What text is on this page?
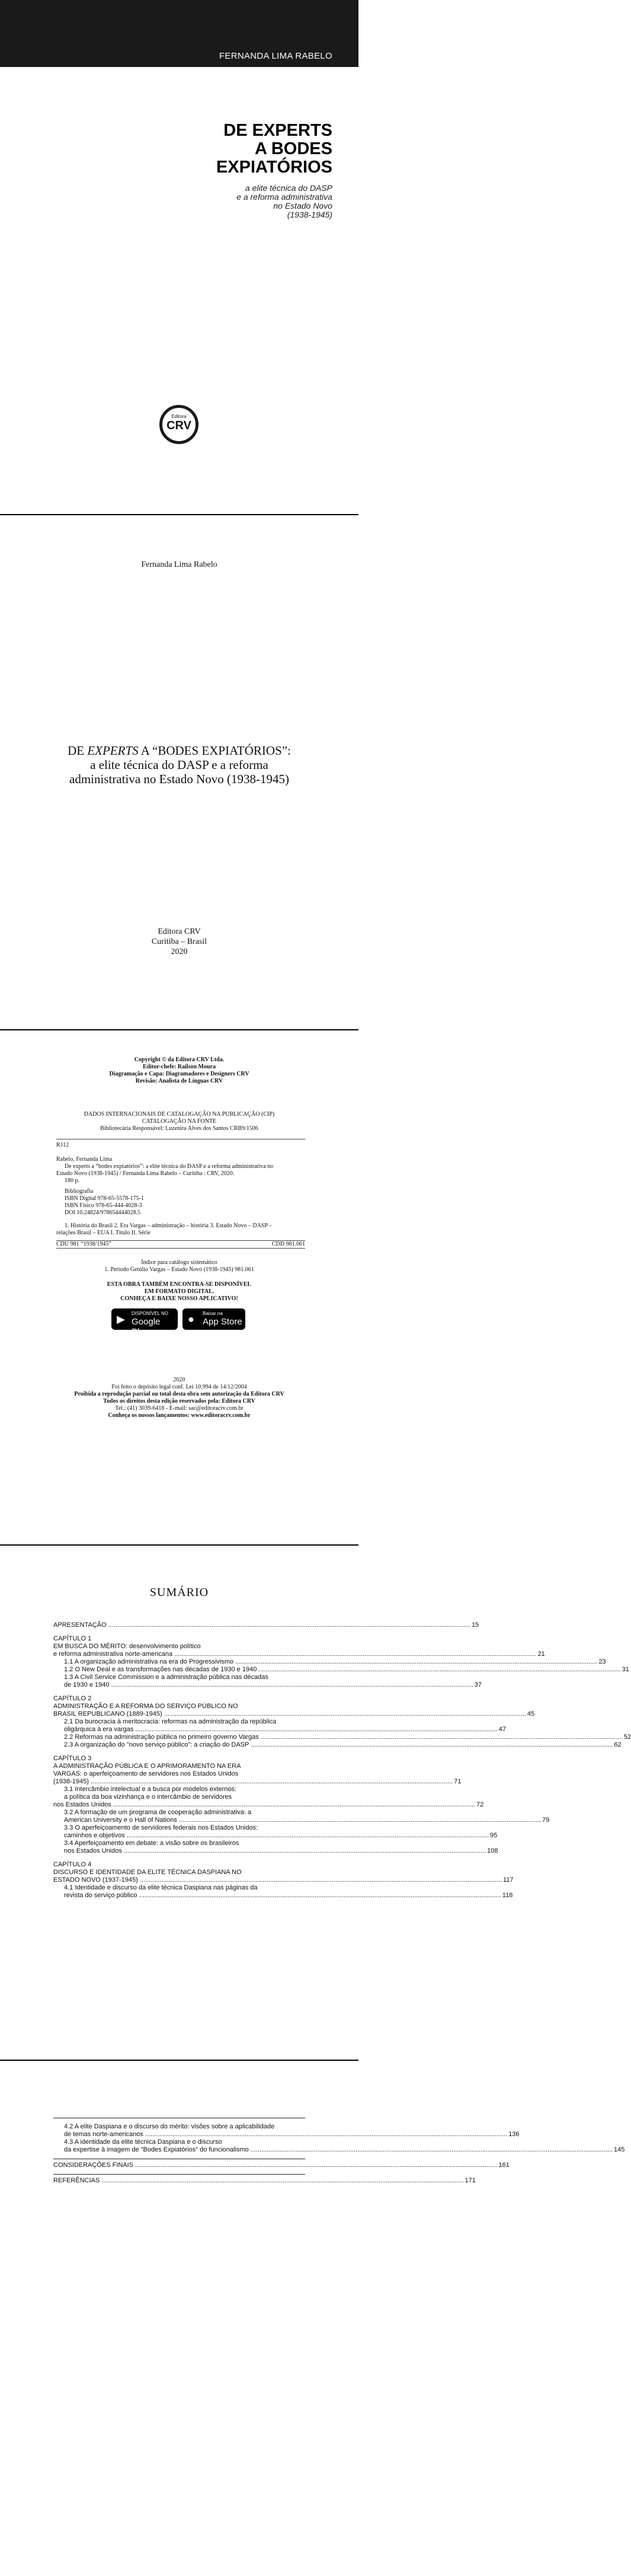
FERNANDA LIMA RABELO
DE EXPERTS
A BODES
EXPIATÓRIOS
a elite técnica do DASP
e a reforma administrativa
no Estado Novo
(1938-1945)
Editora
CRV
Fernanda Lima Rabelo
DE EXPERTS A “BODES EXPIATÓRIOS”:
a elite técnica do DASP e a reforma
administrativa no Estado Novo (1938-1945)
Editora CRV
Curitiba – Brasil
2020
Copyright © da Editora CRV Ltda.
Editor-chefe: Railson Moura
Diagramação e Capa: Diagramadores e Designers CRV
Revisão: Analista de Línguas CRV
DADOS INTERNACIONAIS DE CATALOGAÇÃO NA PUBLICAÇÃO (CIP)
CATALOGAÇÃO NA FONTE
Bibliotecária Responsável: Luzenira Alves dos Santos CRB9/1506
R112
Rabelo, Fernanda Lima
De experts a “bodes expiatórios”: a elite técnica do DASP e a reforma administrativa no
Estado Novo (1938-1945) / Fernanda Lima Rabelo – Curitiba : CRV, 2020.
180 p.
Bibliografia
ISBN Digital 978-65-5578-175-1
ISBN Físico 978-65-444-4028-3
DOI 10.24824/978654444028.5
1. História do Brasil 2. Era Vargas – administração – história 3. Estado Novo – DASP –
relações Brasil – EUA I. Título II. Série
CDU 981 “1938/1945”	CDD 981.061
Índice para catálogo sistemático
1. Período Getúlio Vargas – Estado Novo (1938-1945) 981.061
ESTA OBRA TAMBÉM ENCONTRA-SE DISPONÍVEL
EM FORMATO DIGITAL.
CONHEÇA E BAIXE NOSSO APLICATIVO!
▶ DISPONÍVEL NO
Google Play
● Baixar na
App Store
2020
Foi feito o depósito legal conf. Lei 10.994 de 14/12/2004
Proibida a reprodução parcial ou total desta obra sem autorização da Editora CRV
Todos os direitos desta edição reservados pela: Editora CRV
Tel.: (41) 3039-6418 - E-mail: sac@editoracrv.com.br
Conheça os nossos lançamentos: www.editoracrv.com.br
SUMÁRIO
APRESENTAÇÃO ........................................................................................................................................................................................................ 15
CAPÍTULO 1
EM BUSCA DO MÉRITO: desenvolvimento político
e reforma administrativa norte-americana ........................................................................................................................................................................................................ 21
1.1 A organização administrativa na era do Progressivismo ........................................................................................................................................................................................................ 23
1.2 O New Deal e as transformações nas décadas de 1930 e 1940 ........................................................................................................................................................................................................ 31
1.3 A Civil Service Commission e a administração pública nas décadas
de 1930 e 1940 ........................................................................................................................................................................................................ 37
CAPÍTULO 2
ADMINISTRAÇÃO E A REFORMA DO SERVIÇO PÚBLICO NO
BRASIL REPUBLICANO (1889-1945) ........................................................................................................................................................................................................ 45
2.1 Da burocracia à meritocracia: reformas na administração da república
oligárquica à era vargas ........................................................................................................................................................................................................ 47
2.2 Reformas na administração pública no primeiro governo Vargas ........................................................................................................................................................................................................ 52
2.3 A organização do "novo serviço público": a criação do DASP ........................................................................................................................................................................................................ 62
CAPÍTULO 3
A ADMINISTRAÇÃO PÚBLICA E O APRIMORAMENTO NA ERA
VARGAS: o aperfeiçoamento de servidores nos Estados Unidos
(1938-1945) ........................................................................................................................................................................................................ 71
3.1 Intercâmbio intelectual e a busca por modelos externos:
a política da boa vizinhança e o intercâmbio de servidores
nos Estados Unidos ........................................................................................................................................................................................................ 72
3.2 A formação de um programa de cooperação administrativa: a
American University e o Hall of Nations ........................................................................................................................................................................................................ 79
3.3 O aperfeiçoamento de servidores federais nos Estados Unidos:
caminhos e objetivos ........................................................................................................................................................................................................ 95
3.4 Aperfeiçoamento em debate: a visão sobre os brasileiros
nos Estados Unidos ........................................................................................................................................................................................................ 108
CAPÍTULO 4
DISCURSO E IDENTIDADE DA ELITE TÉCNICA DASPIANA NO
ESTADO NOVO (1937-1945) ........................................................................................................................................................................................................ 117
4.1 Identidade e discurso da elite técnica Daspiana nas páginas da
revista do serviço público ........................................................................................................................................................................................................ 118
4.2 A elite Daspiana e o discurso do mérito: visões sobre a aplicabilidade
de temas norte-americanos ........................................................................................................................................................................................................ 136
4.3 A identidade da elite técnica Daspiana e o discurso
da expertise à imagem de "Bodes Expiatórios" do funcionalismo ........................................................................................................................................................................................................ 145
CONSIDERAÇÕES FINAIS ........................................................................................................................................................................................................ 161
REFERÊNCIAS ........................................................................................................................................................................................................ 171
